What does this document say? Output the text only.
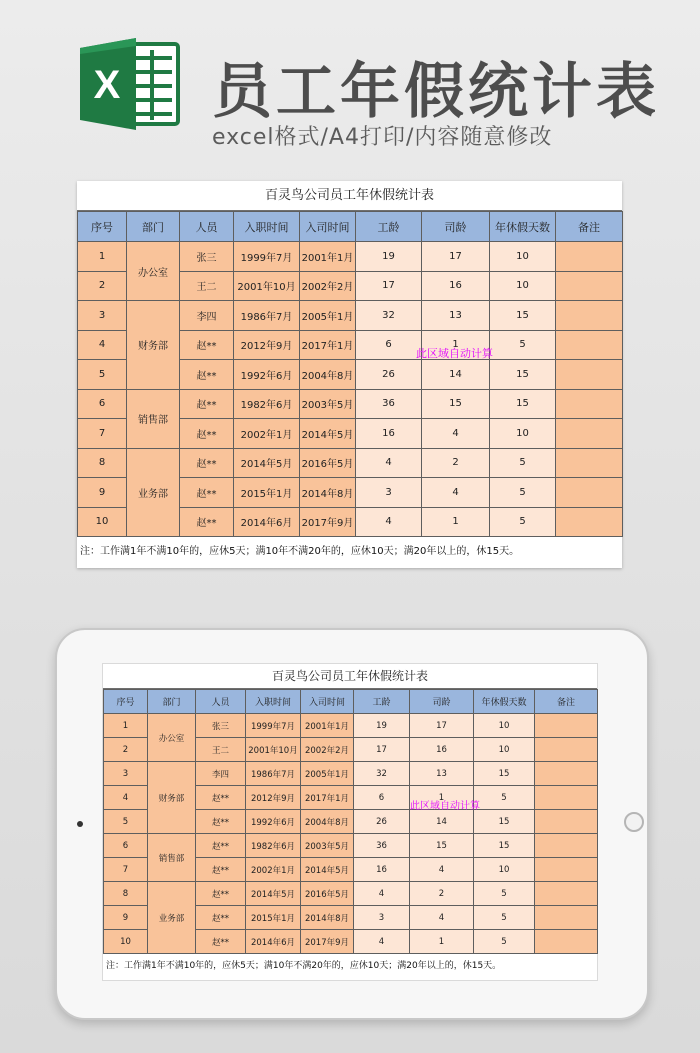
X 员工年假统计表
excel格式/A4打印/内容随意修改
百灵鸟公司员工年休假统计表
序号	部门	人员	入职时间	入司时间	工龄	司龄	年休假天数	备注
1	办公室	张三	1999年7月	2001年1月	19	17	10	
2		王二	2001年10月	2002年2月	17	16	10	
3	财务部	李四	1986年7月	2005年1月	32	13	15	
4		赵**	2012年9月	2017年1月	6	1	5	
5		赵**	1992年6月	2004年8月	26	14	15	
6	销售部	赵**	1982年6月	2003年5月	36	15	15	
7		赵**	2002年1月	2014年5月	16	4	10	
8	业务部	赵**	2014年5月	2016年5月	4	2	5	
9		赵**	2015年1月	2014年8月	3	4	5	
10		赵**	2014年6月	2017年9月	4	1	5	
注：工作满1年不满10年的，应休5天；满10年不满20年的，应休10天；满20年以上的，休15天。
此区域自动计算
百灵鸟公司员工年休假统计表
序号	部门	人员	入职时间	入司时间	工龄	司龄	年休假天数	备注
1	办公室	张三	1999年7月	2001年1月	19	17	10	
2		王二	2001年10月	2002年2月	17	16	10	
3	财务部	李四	1986年7月	2005年1月	32	13	15	
4		赵**	2012年9月	2017年1月	6	1	5	
5		赵**	1992年6月	2004年8月	26	14	15	
6	销售部	赵**	1982年6月	2003年5月	36	15	15	
7		赵**	2002年1月	2014年5月	16	4	10	
8	业务部	赵**	2014年5月	2016年5月	4	2	5	
9		赵**	2015年1月	2014年8月	3	4	5	
10		赵**	2014年6月	2017年9月	4	1	5	
注：工作满1年不满10年的，应休5天；满10年不满20年的，应休10天；满20年以上的，休15天。
此区域自动计算
